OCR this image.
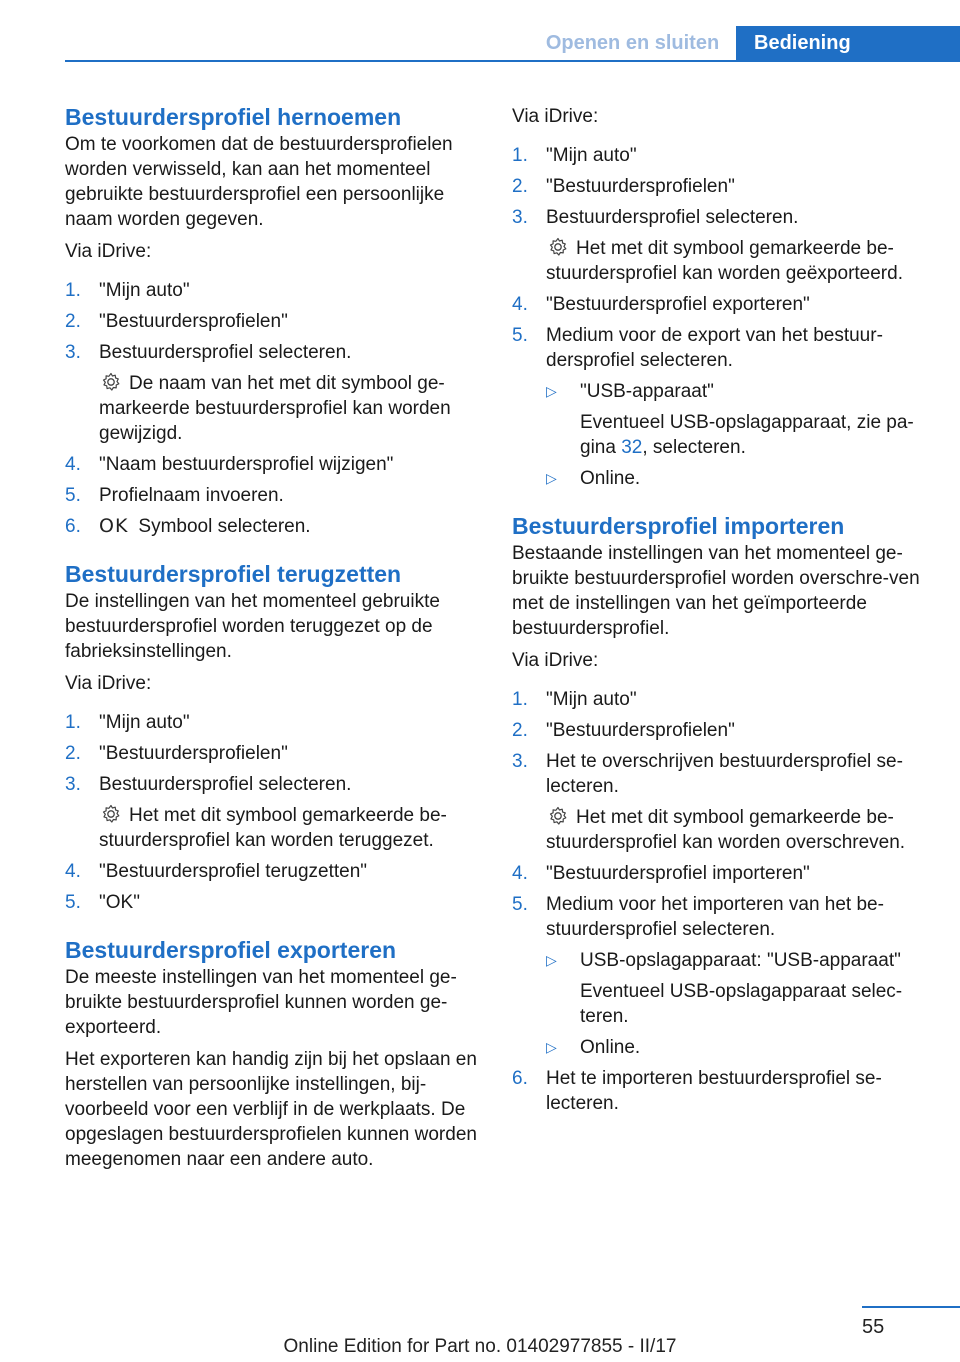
Openen en sluiten	Bediening
Bestuurdersprofiel hernoemen

Om te voorkomen dat de bestuurdersprofielen worden verwisseld, kan aan het momenteel gebruikte bestuurdersprofiel een persoonlijke naam worden gegeven.

Via iDrive:

1. "Mijn auto"
2. "Bestuurdersprofielen"
3. Bestuurdersprofiel selecteren.
De naam van het met dit symbool ge-markeerde bestuurdersprofiel kan worden gewijzigd.
4. "Naam bestuurdersprofiel wijzigen"
5. Profielnaam invoeren.
6. OK Symbool selecteren.
Bestuurdersprofiel terugzetten

De instellingen van het momenteel gebruikte bestuurdersprofiel worden teruggezet op de fabrieksinstellingen.

Via iDrive:

1. "Mijn auto"
2. "Bestuurdersprofielen"
3. Bestuurdersprofiel selecteren.
Het met dit symbool gemarkeerde be-stuurdersprofiel kan worden teruggezet.
4. "Bestuurdersprofiel terugzetten"
5. "OK"
Bestuurdersprofiel exporteren

De meeste instellingen van het momenteel ge-bruikte bestuurdersprofiel kunnen worden ge-exporteerd.

Het exporteren kan handig zijn bij het opslaan en herstellen van persoonlijke instellingen, bij-voorbeeld voor een verblijf in de werkplaats. De opgeslagen bestuurdersprofielen kunnen worden meegenomen naar een andere auto.

Via iDrive:

1. "Mijn auto"
2. "Bestuurdersprofielen"
3. Bestuurdersprofiel selecteren.
Het met dit symbool gemarkeerde be-stuurdersprofiel kan worden geëxporteerd.
4. "Bestuurdersprofiel exporteren"
5. Medium voor de export van het bestuur-dersprofiel selecteren.
▷ "USB-apparaat"
Eventueel USB-opslagapparaat, zie pa-gina 32, selecteren.
▷ Online.
Bestuurdersprofiel importeren

Bestaande instellingen van het momenteel ge-bruikte bestuurdersprofiel worden overschre-ven met de instellingen van het geïmporteerde bestuurdersprofiel.

Via iDrive:

1. "Mijn auto"
2. "Bestuurdersprofielen"
3. Het te overschrijven bestuurdersprofiel se-lecteren.
Het met dit symbool gemarkeerde be-stuurdersprofiel kan worden overschreven.
4. "Bestuurdersprofiel importeren"
5. Medium voor het importeren van het be-stuurdersprofiel selecteren.
▷ USB-opslagapparaat: "USB-apparaat"
Eventueel USB-opslagapparaat selec-teren.
▷ Online.
6. Het te importeren bestuurdersprofiel se-lecteren.
55
Online Edition for Part no. 01402977855 - II/17
